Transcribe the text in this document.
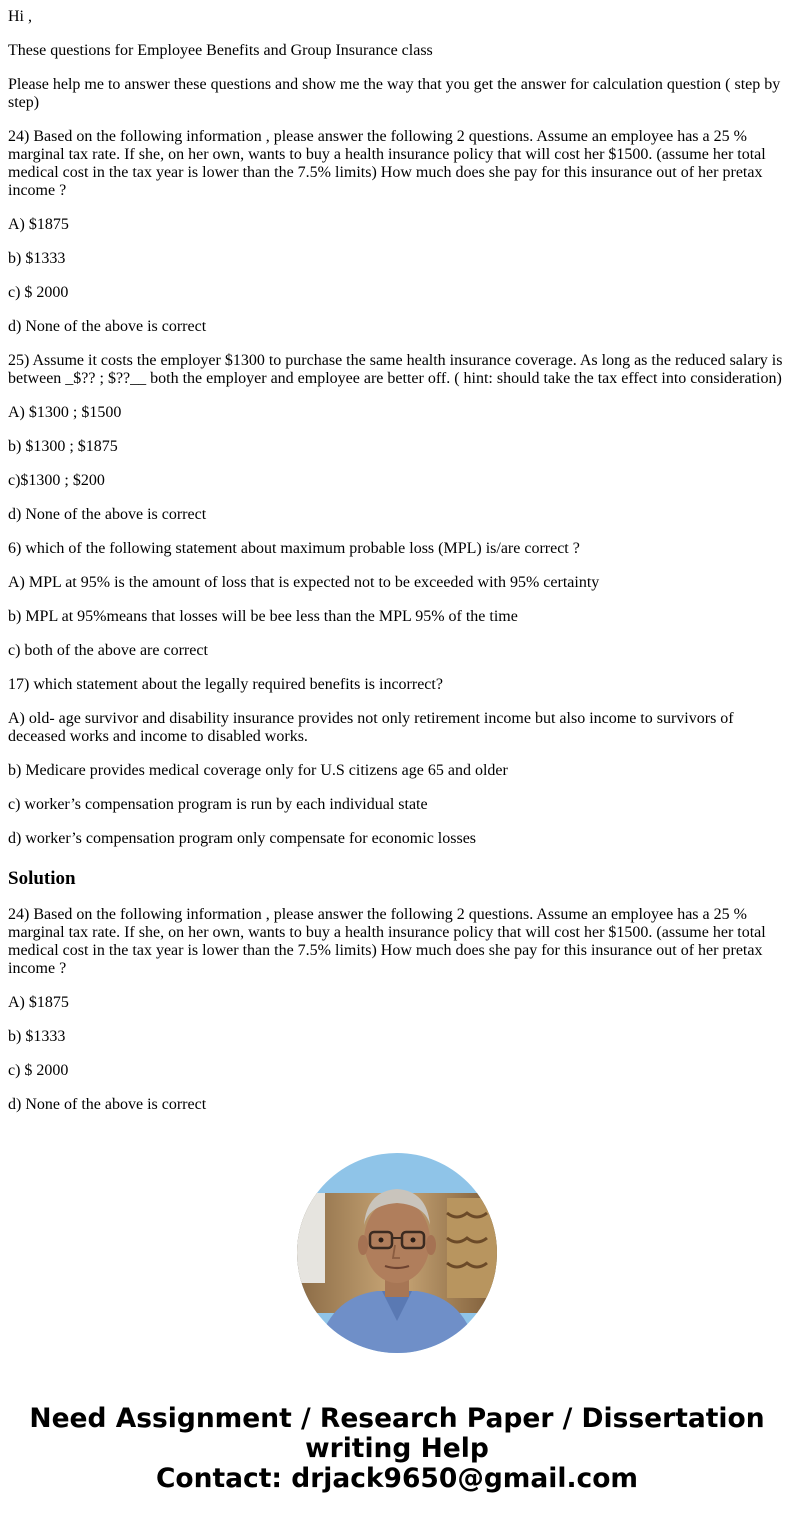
Hi ,

These questions for Employee Benefits and Group Insurance class

Please help me to answer these questions and show me the way that you get the answer for calculation question ( step by step)

24) Based on the following information , please answer the following 2 questions. Assume an employee has a 25 % marginal tax rate. If she, on her own, wants to buy a health insurance policy that will cost her $1500. (assume her total medical cost in the tax year is lower than the 7.5% limits) How much does she pay for this insurance out of her pretax income ?

A) $1875

b) $1333

c) $ 2000

d) None of the above is correct

25) Assume it costs the employer $1300 to purchase the same health insurance coverage. As long as the reduced salary is between _$?? ; $??__ both the employer and employee are better off. ( hint: should take the tax effect into consideration)

A) $1300 ; $1500

b) $1300 ; $1875

c)$1300 ; $200

d) None of the above is correct

6) which of the following statement about maximum probable loss (MPL) is/are correct ?

A) MPL at 95% is the amount of loss that is expected not to be exceeded with 95% certainty

b) MPL at 95%means that losses will be bee less than the MPL 95% of the time

c) both of the above are correct

17) which statement about the legally required benefits is incorrect?

A) old- age survivor and disability insurance provides not only retirement income but also income to survivors of deceased works and income to disabled works.

b) Medicare provides medical coverage only for U.S citizens age 65 and older

c) worker’s compensation program is run by each individual state

d) worker’s compensation program only compensate for economic losses

Solution

24) Based on the following information , please answer the following 2 questions. Assume an employee has a 25 % marginal tax rate. If she, on her own, wants to buy a health insurance policy that will cost her $1500. (assume her total medical cost in the tax year is lower than the 7.5% limits) How much does she pay for this insurance out of her pretax income ?

A) $1875

b) $1333

c) $ 2000

d) None of the above is correct

Need Assignment / Research Paper / Dissertation
writing Help
Contact: drjack9650@gmail.com
